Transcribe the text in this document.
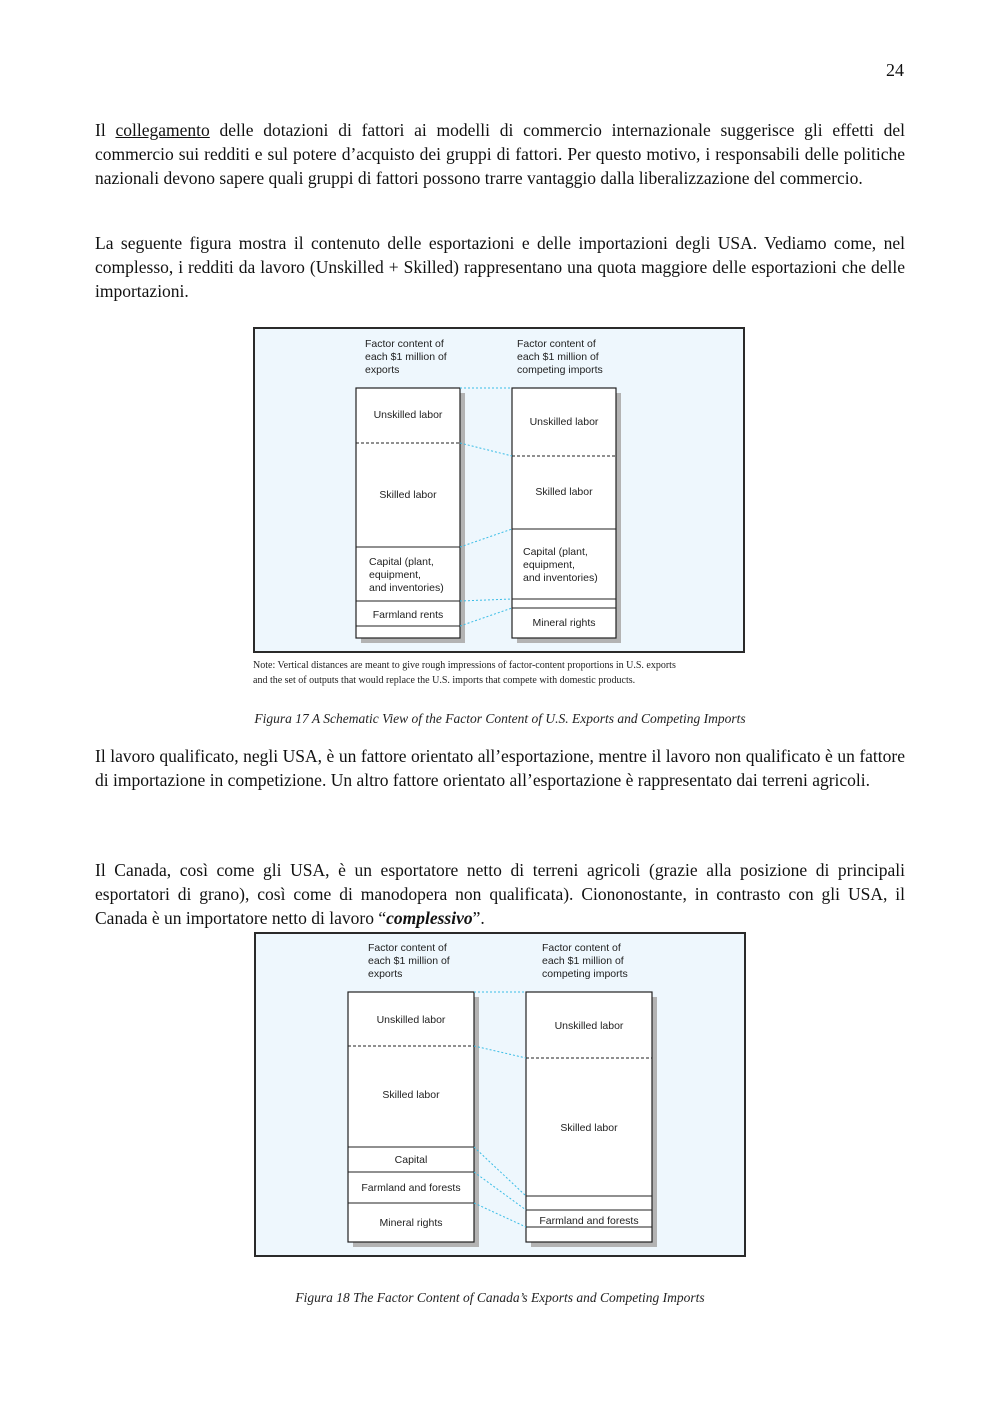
24

Il collegamento delle dotazioni di fattori ai modelli di commercio internazionale suggerisce gli effetti del commercio sui redditi e sul potere d’acquisto dei gruppi di fattori. Per questo motivo, i responsabili delle politiche nazionali devono sapere quali gruppi di fattori possono trarre vantaggio dalla liberalizzazione del commercio.

La seguente figura mostra il contenuto delle esportazioni e delle importazioni degli USA. Vediamo come, nel complesso, i redditi da lavoro (Unskilled + Skilled) rappresentano una quota maggiore delle esportazioni che delle importazioni.

Factor content of
each $1 million of
exports
Factor content of
each $1 million of
competing imports
Unskilled labor
Skilled labor
Capital (plant,
equipment,
and inventories)
Farmland rents
Unskilled labor
Skilled labor
Capital (plant,
equipment,
and inventories)
Mineral rights

Note: Vertical distances are meant to give rough impressions of factor-content proportions in U.S. exports
and the set of outputs that would replace the U.S. imports that compete with domestic products.

Figura 17 A Schematic View of the Factor Content of U.S. Exports and Competing Imports

Il lavoro qualificato, negli USA, è un fattore orientato all’esportazione, mentre il lavoro non qualificato è un fattore di importazione in competizione. Un altro fattore orientato all’esportazione è rappresentato dai terreni agricoli.

Il Canada, così come gli USA, è un esportatore netto di terreni agricoli (grazie alla posizione di principali esportatori di grano), così come di manodopera non qualificata). Ciononostante, in contrasto con gli USA, il Canada è un importatore netto di lavoro “complessivo”.

Factor content of
each $1 million of
exports
Factor content of
each $1 million of
competing imports
Unskilled labor
Skilled labor
Capital
Farmland and forests
Mineral rights
Unskilled labor
Skilled labor
Farmland and forests

Figura 18 The Factor Content of Canada’s Exports and Competing Imports
